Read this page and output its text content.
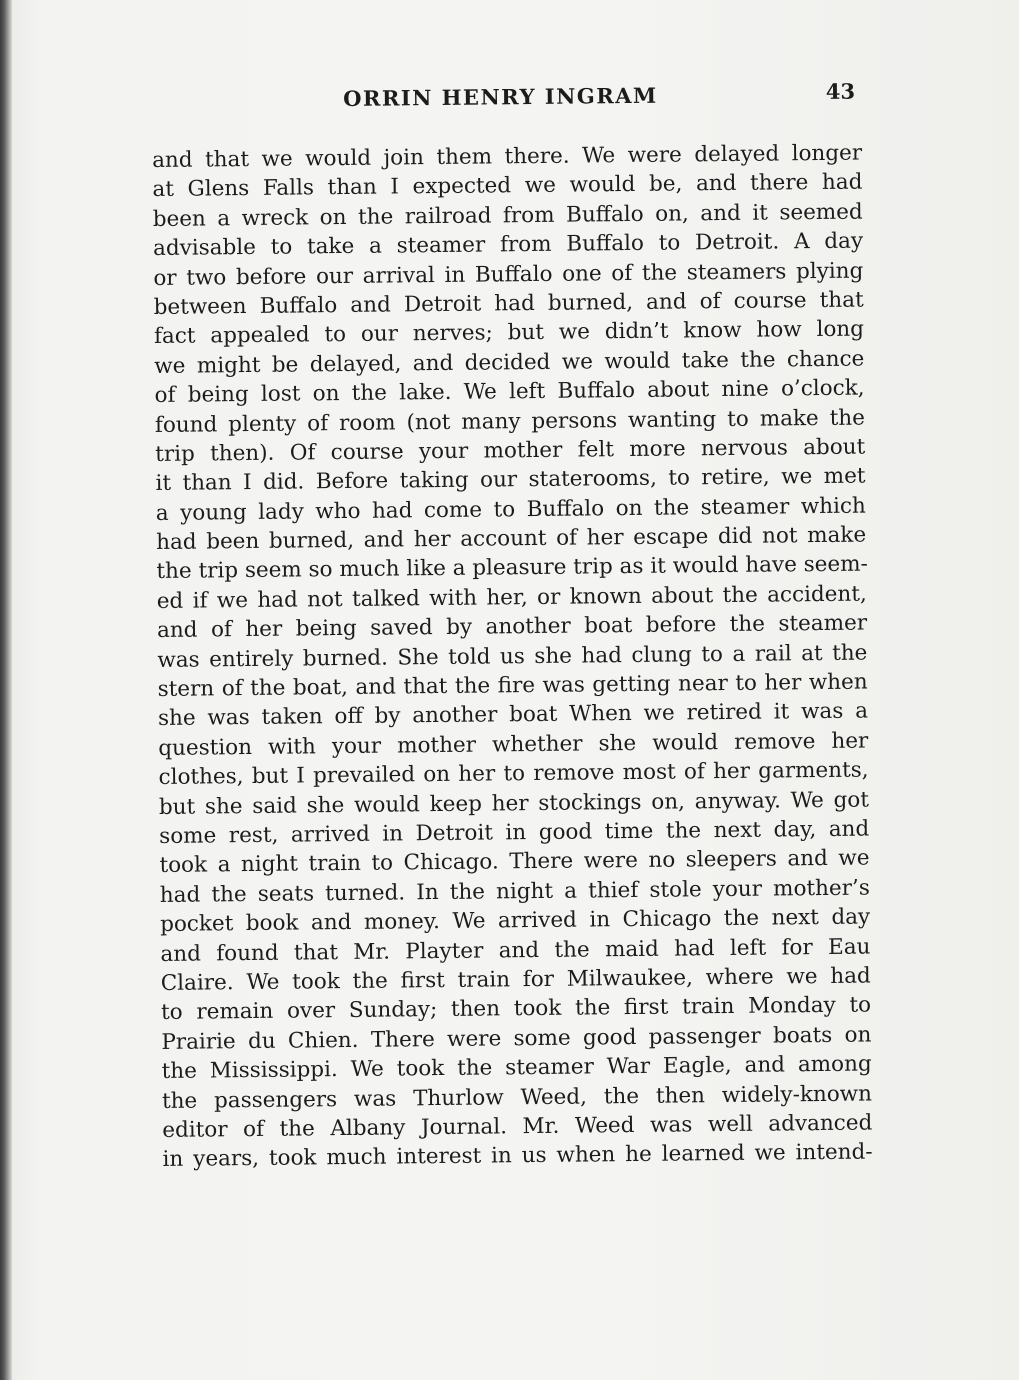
ORRIN HENRY INGRAM	43
and that we would join them there. We were delayed longer
at Glens Falls than I expected we would be, and there had
been a wreck on the railroad from Buffalo on, and it seemed
advisable to take a steamer from Buffalo to Detroit. A day
or two before our arrival in Buffalo one of the steamers plying
between Buffalo and Detroit had burned, and of course that
fact appealed to our nerves; but we didn’t know how long
we might be delayed, and decided we would take the chance
of being lost on the lake. We left Buffalo about nine o’clock,
found plenty of room (not many persons wanting to make the
trip then). Of course your mother felt more nervous about
it than I did. Before taking our staterooms, to retire, we met
a young lady who had come to Buffalo on the steamer which
had been burned, and her account of her escape did not make
the trip seem so much like a pleasure trip as it would have seem-
ed if we had not talked with her, or known about the accident,
and of her being saved by another boat before the steamer
was entirely burned. She told us she had clung to a rail at the
stern of the boat, and that the fire was getting near to her when
she was taken off by another boat When we retired it was a
question with your mother whether she would remove her
clothes, but I prevailed on her to remove most of her garments,
but she said she would keep her stockings on, anyway. We got
some rest, arrived in Detroit in good time the next day, and
took a night train to Chicago. There were no sleepers and we
had the seats turned. In the night a thief stole your mother’s
pocket book and money. We arrived in Chicago the next day
and found that Mr. Playter and the maid had left for Eau
Claire. We took the first train for Milwaukee, where we had
to remain over Sunday; then took the first train Monday to
Prairie du Chien. There were some good passenger boats on
the Mississippi. We took the steamer War Eagle, and among
the passengers was Thurlow Weed, the then widely-known
editor of the Albany Journal. Mr. Weed was well advanced
in years, took much interest in us when he learned we intend-
